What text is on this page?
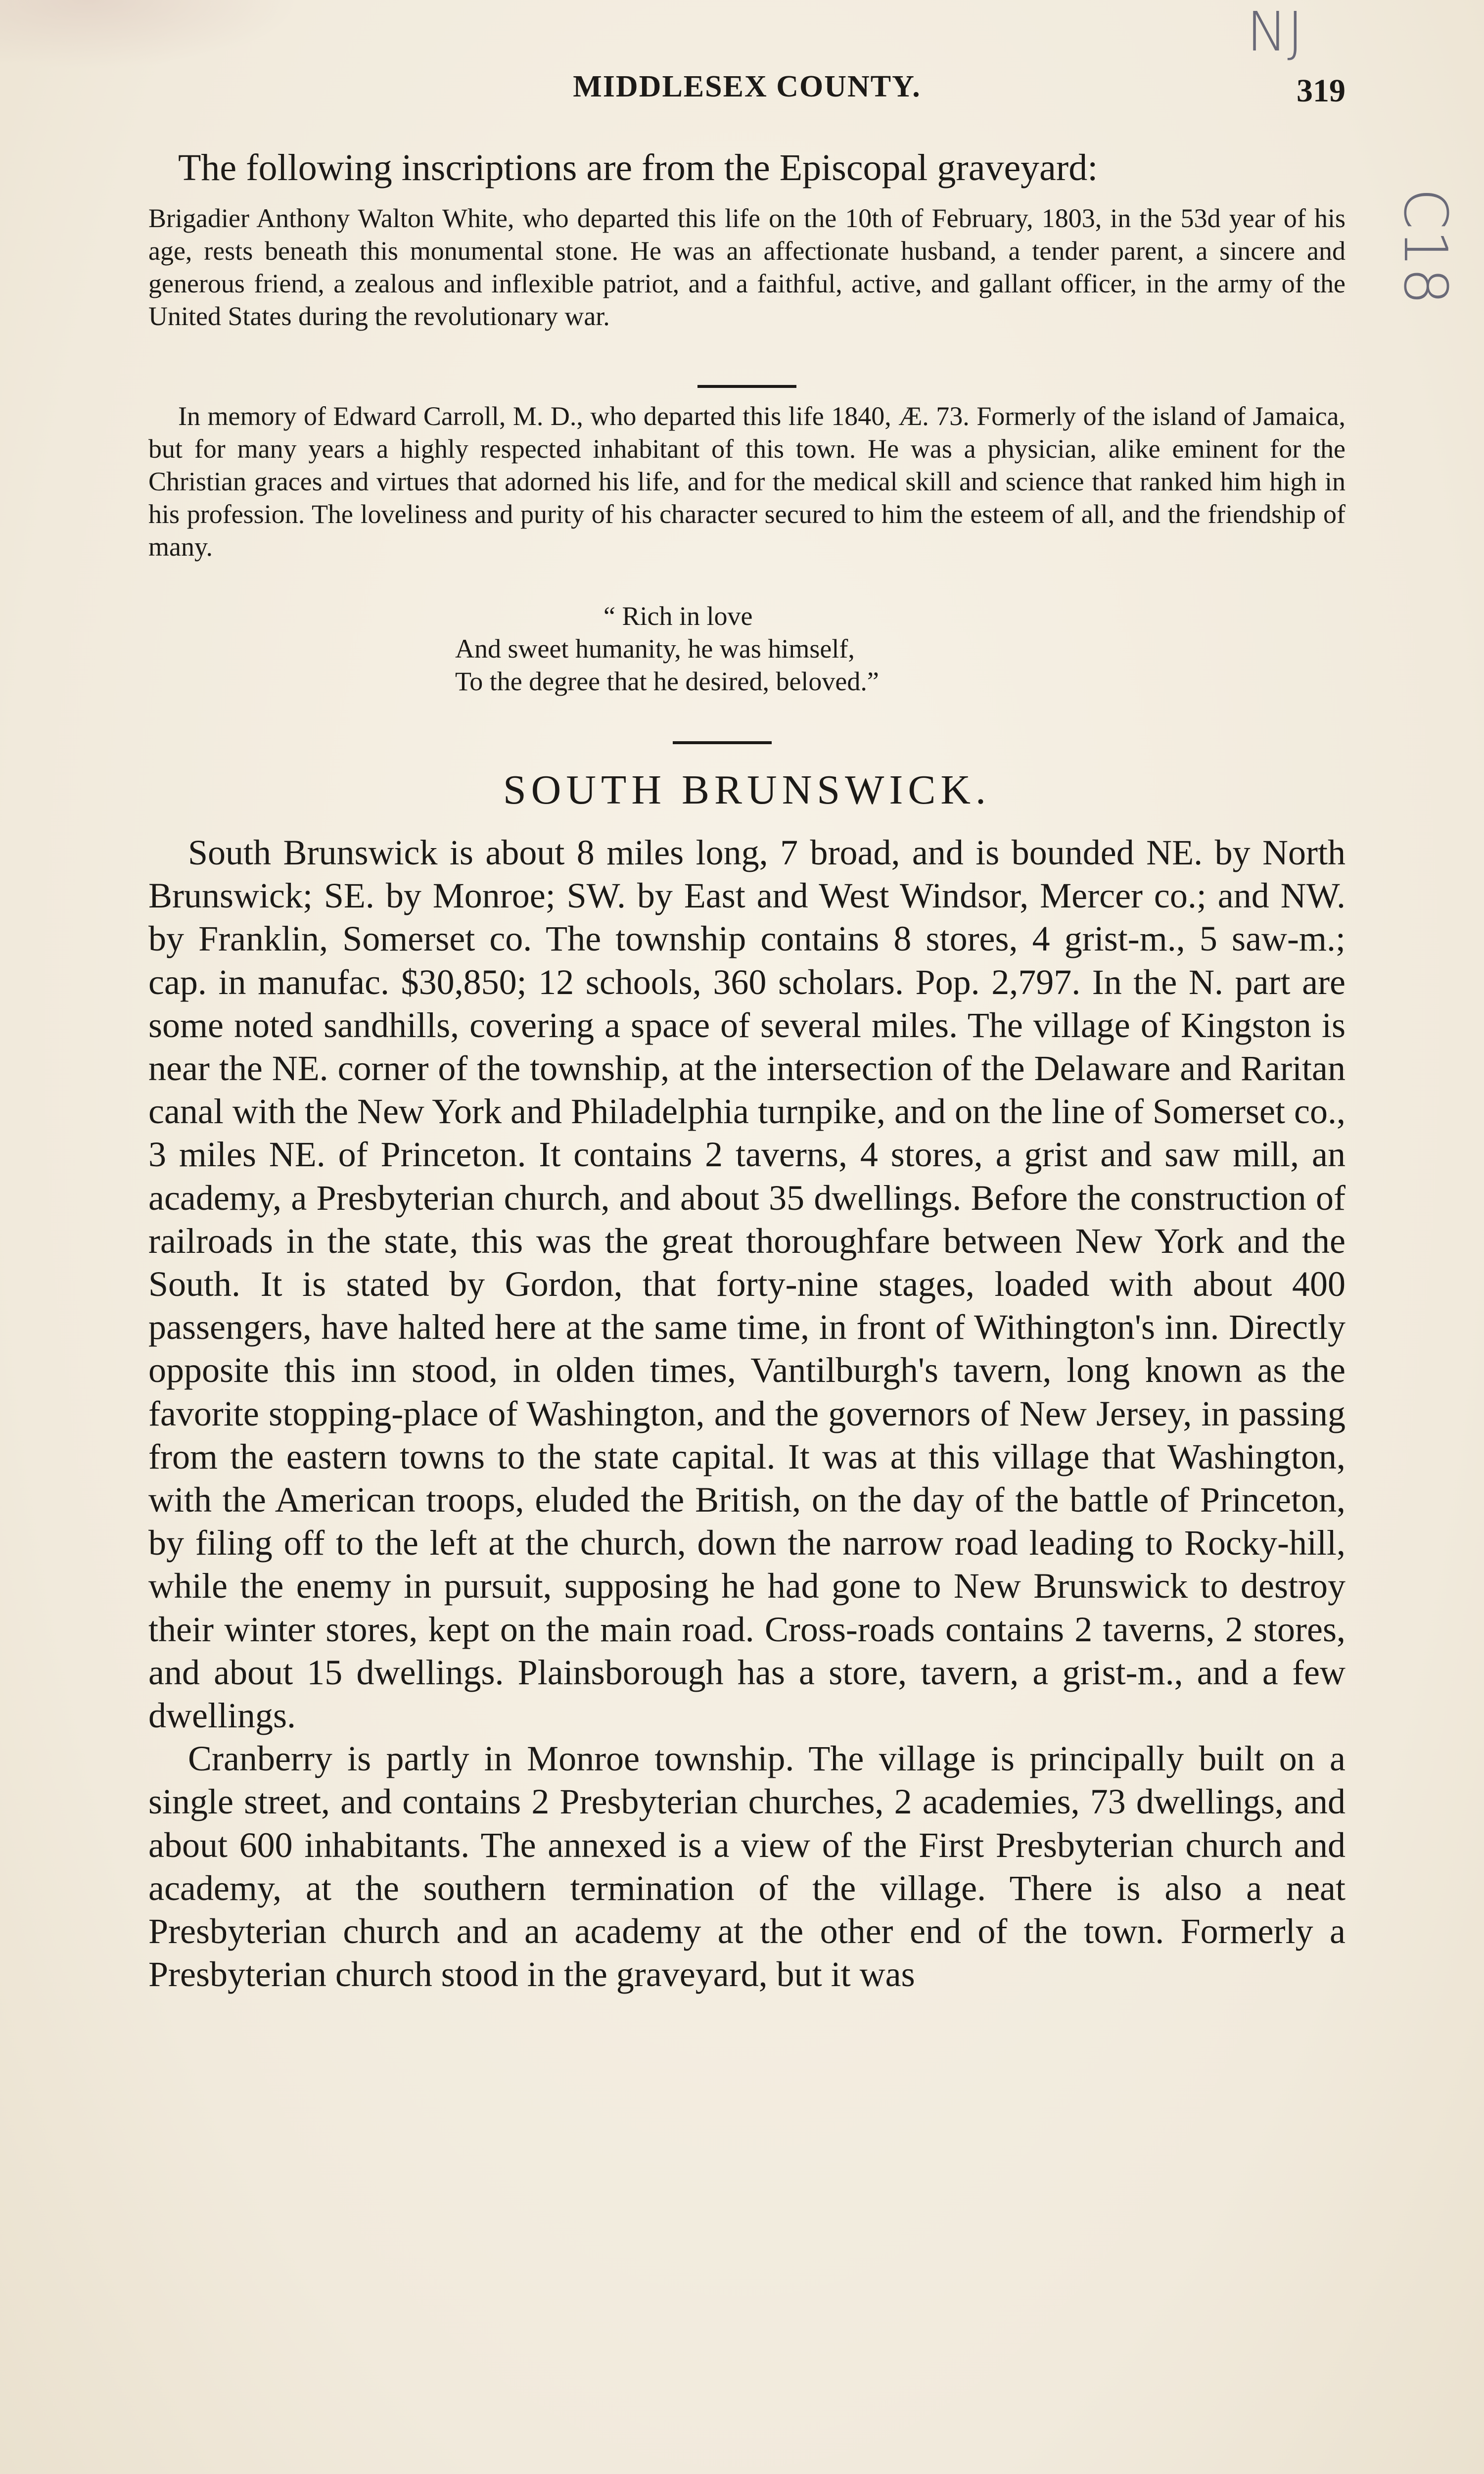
NJ
C18
MIDDLESEX COUNTY.	319
The following inscriptions are from the Episcopal graveyard:

Brigadier Anthony Walton White, who departed this life on the 10th of February, 1803, in the 53d year of his age, rests beneath this monumental stone. He was an affectionate husband, a tender parent, a sincere and generous friend, a zealous and inflexible patriot, and a faithful, active, and gallant officer, in the army of the United States during the revolutionary war.

In memory of Edward Carroll, M. D., who departed this life 1840, Æ. 73. Formerly of the island of Jamaica, but for many years a highly respected inhabitant of this town. He was a physician, alike eminent for the Christian graces and virtues that adorned his life, and for the medical skill and science that ranked him high in his profession. The loveliness and purity of his character secured to him the esteem of all, and the friendship of many.

“ Rich in love
And sweet humanity, he was himself,
To the degree that he desired, beloved.”
SOUTH BRUNSWICK.

South Brunswick is about 8 miles long, 7 broad, and is bounded NE. by North Brunswick; SE. by Monroe; SW. by East and West Windsor, Mercer co.; and NW. by Franklin, Somerset co. The township contains 8 stores, 4 grist-m., 5 saw-m.; cap. in manufac. $30,850; 12 schools, 360 scholars. Pop. 2,797. In the N. part are some noted sandhills, covering a space of several miles. The village of Kingston is near the NE. corner of the township, at the intersection of the Delaware and Raritan canal with the New York and Philadelphia turnpike, and on the line of Somerset co., 3 miles NE. of Princeton. It contains 2 taverns, 4 stores, a grist and saw mill, an academy, a Presbyterian church, and about 35 dwellings. Before the construction of railroads in the state, this was the great thoroughfare between New York and the South. It is stated by Gordon, that forty-nine stages, loaded with about 400 passengers, have halted here at the same time, in front of Withington's inn. Directly opposite this inn stood, in olden times, Vantilburgh's tavern, long known as the favorite stopping-place of Washington, and the governors of New Jersey, in passing from the eastern towns to the state capital. It was at this village that Washington, with the American troops, eluded the British, on the day of the battle of Princeton, by filing off to the left at the church, down the narrow road leading to Rocky-hill, while the enemy in pursuit, supposing he had gone to New Brunswick to destroy their winter stores, kept on the main road. Cross-roads contains 2 taverns, 2 stores, and about 15 dwellings. Plainsborough has a store, tavern, a grist-m., and a few dwellings.

Cranberry is partly in Monroe township. The village is principally built on a single street, and contains 2 Presbyterian churches, 2 academies, 73 dwellings, and about 600 inhabitants. The annexed is a view of the First Presbyterian church and academy, at the southern termination of the village. There is also a neat Presbyterian church and an academy at the other end of the town. Formerly a Presbyterian church stood in the graveyard, but it was
